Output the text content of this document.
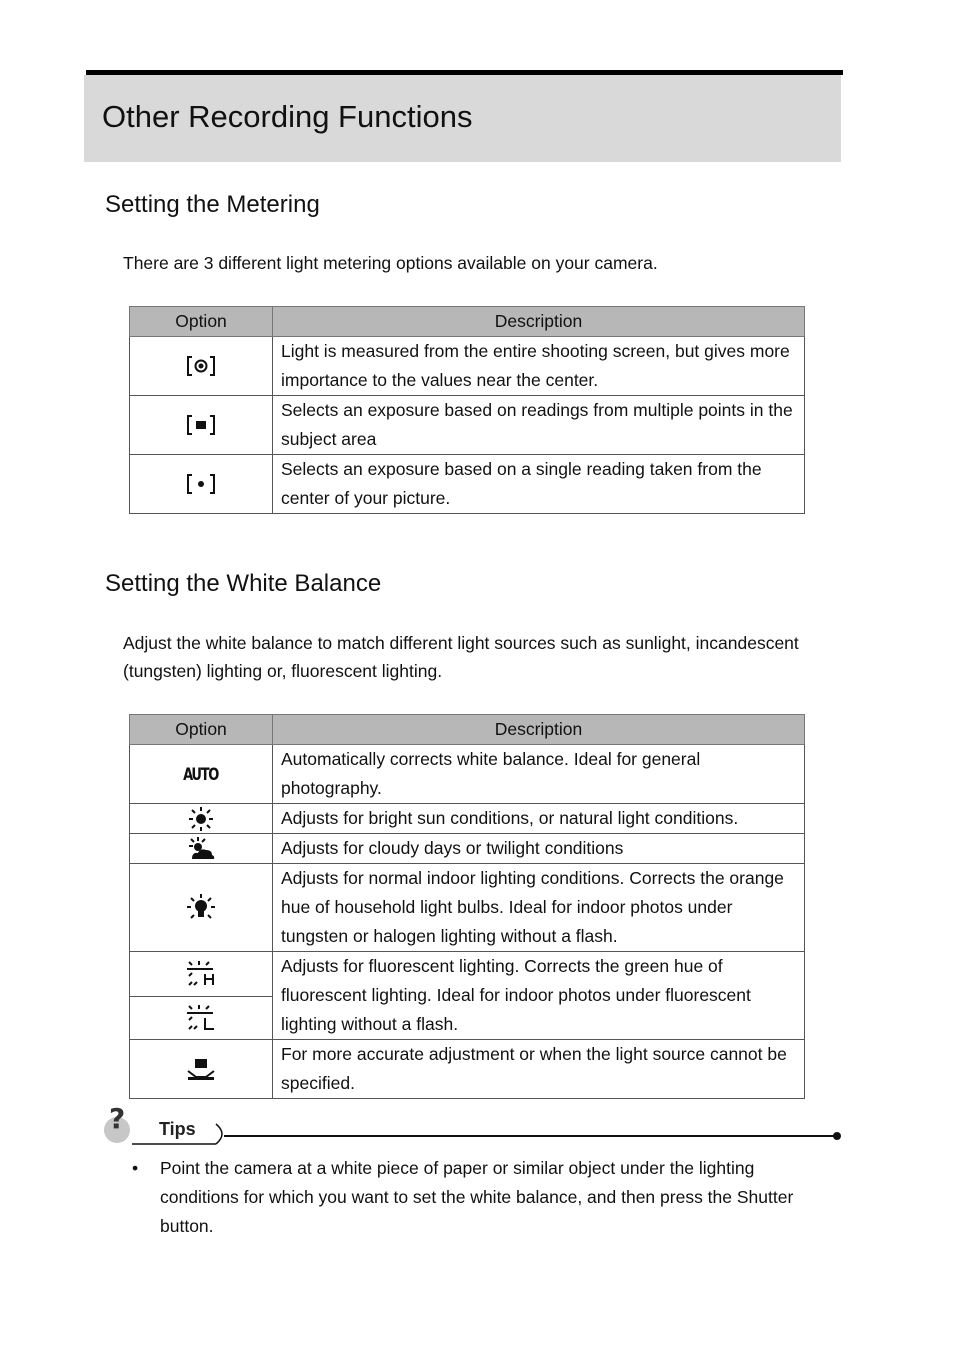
Other Recording Functions
Setting the Metering

There are 3 different light metering options available on your camera.

Option	Description
	Light is measured from the entire shooting screen, but gives more importance to the values near the center.
	Selects an exposure based on readings from multiple points in the subject area
	Selects an exposure based on a single reading taken from the center of your picture.
Setting the White Balance

Adjust the white balance to match different light sources such as sunlight, incandescent (tungsten) lighting or, fluorescent lighting.

Option	Description
AUTO	Automatically corrects white balance. Ideal for general photography.
	Adjusts for bright sun conditions, or natural light conditions.
	Adjusts for cloudy days or twilight conditions
	Adjusts for normal indoor lighting conditions. Corrects the orange hue of household light bulbs. Ideal for indoor photos under tungsten or halogen lighting without a flash.
	Adjusts for fluorescent lighting. Corrects the green hue of fluorescent lighting. Ideal for indoor photos under fluorescent lighting without a flash.

	For more accurate adjustment or when the light source cannot be specified.
? Tips
• Point the camera at a white piece of paper or similar object under the lighting conditions for which you want to set the white balance, and then press the Shutter button.
